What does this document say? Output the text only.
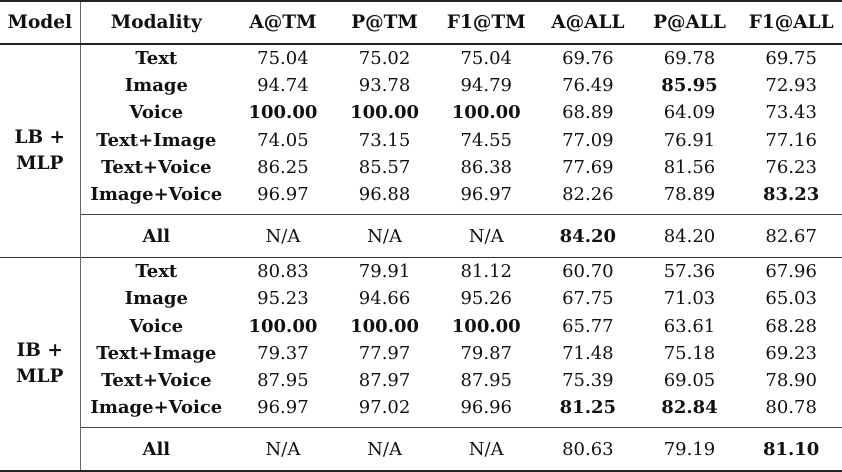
Model	Modality	A@TM	P@TM	F1@TM	A@ALL	P@ALL	F1@ALL

LB +
MLP	Text	75.04	75.02	75.04	69.76	69.78	69.75
	Image	94.74	93.78	94.79	76.49	85.95	72.93
	Voice	100.00	100.00	100.00	68.89	64.09	73.43
	Text+Image	74.05	73.15	74.55	77.09	76.91	77.16
	Text+Voice	86.25	85.57	86.38	77.69	81.56	76.23
	Image+Voice	96.97	96.88	96.97	82.26	78.89	83.23

	All	N/A	N/A	N/A	84.20	84.20	82.67

IB +
MLP	Text	80.83	79.91	81.12	60.70	57.36	67.96
	Image	95.23	94.66	95.26	67.75	71.03	65.03
	Voice	100.00	100.00	100.00	65.77	63.61	68.28
	Text+Image	79.37	77.97	79.87	71.48	75.18	69.23
	Text+Voice	87.95	87.97	87.95	75.39	69.05	78.90
	Image+Voice	96.97	97.02	96.96	81.25	82.84	80.78

	All	N/A	N/A	N/A	80.63	79.19	81.10
